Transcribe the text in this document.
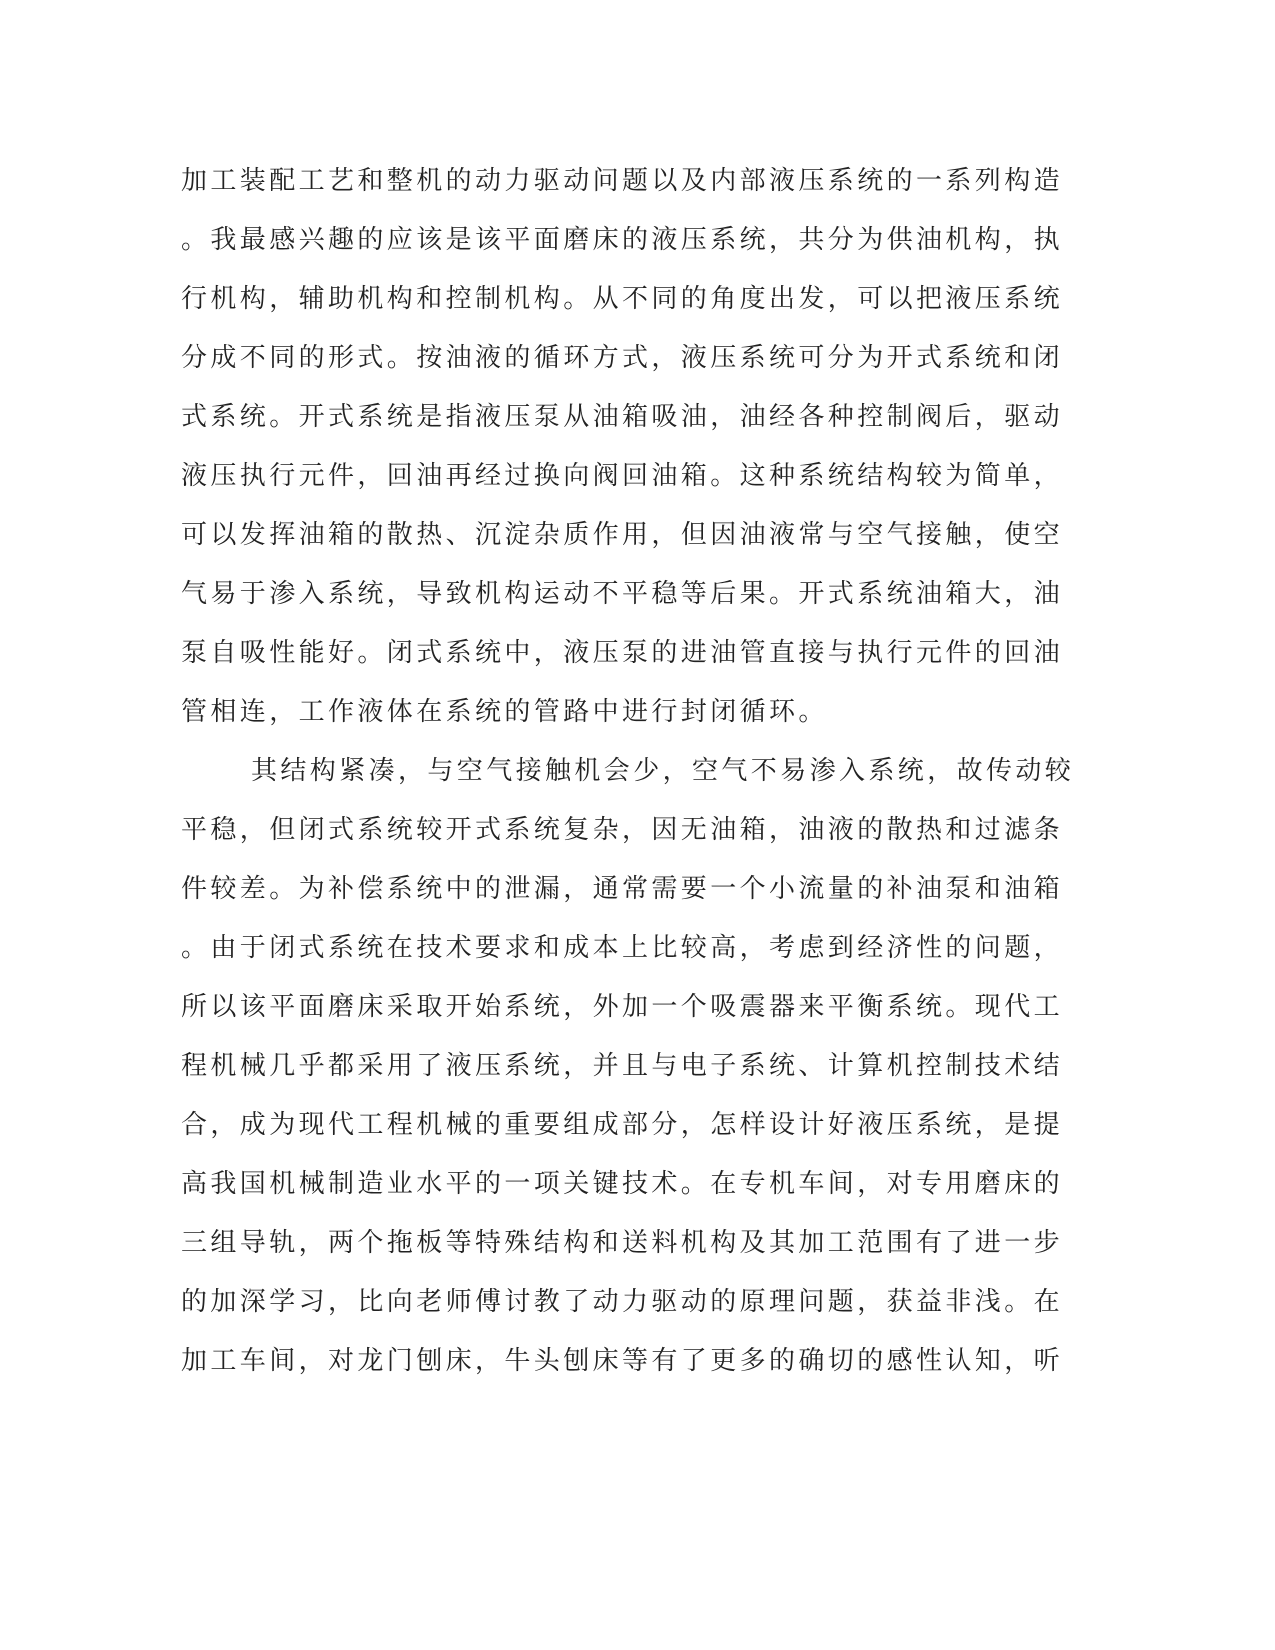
加工装配工艺和整机的动力驱动问题以及内部液压系统的一系列构造
。我最感兴趣的应该是该平面磨床的液压系统，共分为供油机构，执
行机构，辅助机构和控制机构。从不同的角度出发，可以把液压系统
分成不同的形式。按油液的循环方式，液压系统可分为开式系统和闭
式系统。开式系统是指液压泵从油箱吸油，油经各种控制阀后，驱动
液压执行元件，回油再经过换向阀回油箱。这种系统结构较为简单，
可以发挥油箱的散热、沉淀杂质作用，但因油液常与空气接触，使空
气易于渗入系统，导致机构运动不平稳等后果。开式系统油箱大，油
泵自吸性能好。闭式系统中，液压泵的进油管直接与执行元件的回油
管相连，工作液体在系统的管路中进行封闭循环。
其结构紧凑，与空气接触机会少，空气不易渗入系统，故传动较
平稳，但闭式系统较开式系统复杂，因无油箱，油液的散热和过滤条
件较差。为补偿系统中的泄漏，通常需要一个小流量的补油泵和油箱
。由于闭式系统在技术要求和成本上比较高，考虑到经济性的问题，
所以该平面磨床采取开始系统，外加一个吸震器来平衡系统。现代工
程机械几乎都采用了液压系统，并且与电子系统、计算机控制技术结
合，成为现代工程机械的重要组成部分，怎样设计好液压系统，是提
高我国机械制造业水平的一项关键技术。在专机车间，对专用磨床的
三组导轨，两个拖板等特殊结构和送料机构及其加工范围有了进一步
的加深学习，比向老师傅讨教了动力驱动的原理问题，获益非浅。在
加工车间，对龙门刨床，牛头刨床等有了更多的确切的感性认知，听
